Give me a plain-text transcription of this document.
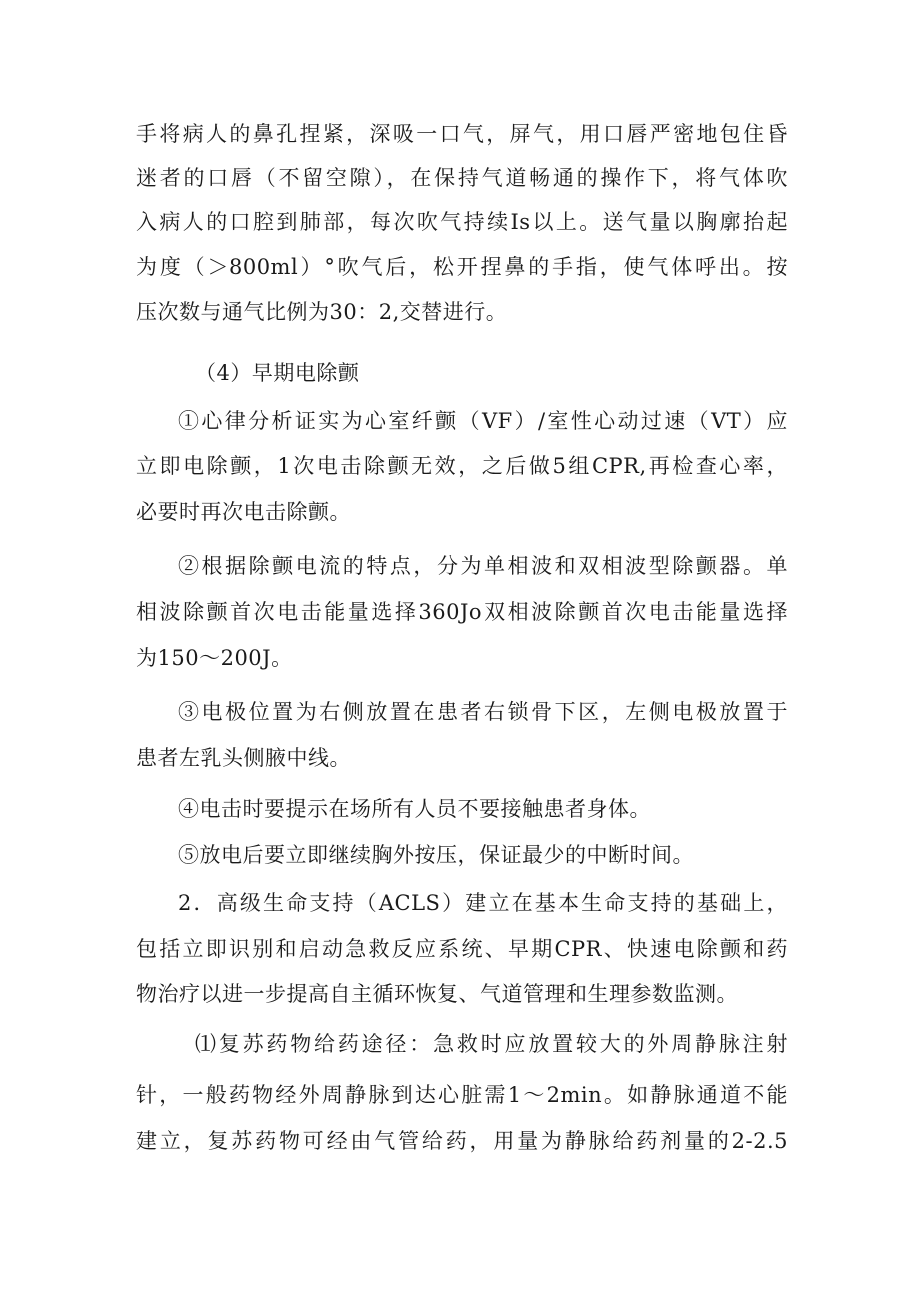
手将病人的鼻孔捏紧，深吸一口气，屏气，用口唇严密地包住昏
迷者的口唇（不留空隙），在保持气道畅通的操作下，将气体吹
入病人的口腔到肺部，每次吹气持续Is以上。送气量以胸廓抬起
为度（＞800ml）°吹气后，松开捏鼻的手指，使气体呼出。按
压次数与通气比例为30：2,交替进行。
（4）早期电除颤
①心律分析证实为心室纤颤（VF）/室性心动过速（VT）应
立即电除颤，1次电击除颤无效，之后做5组CPR,再检查心率，
必要时再次电击除颤。
②根据除颤电流的特点，分为单相波和双相波型除颤器。单
相波除颤首次电击能量选择360Jo双相波除颤首次电击能量选择
为150〜200J。
③电极位置为右侧放置在患者右锁骨下区，左侧电极放置于
患者左乳头侧腋中线。
④电击时要提示在场所有人员不要接触患者身体。
⑤放电后要立即继续胸外按压，保证最少的中断时间。
2．高级生命支持（ACLS）建立在基本生命支持的基础上，
包括立即识别和启动急救反应系统、早期CPR、快速电除颤和药
物治疗以进一步提高自主循环恢复、气道管理和生理参数监测。
⑴复苏药物给药途径：急救时应放置较大的外周静脉注射
针，一般药物经外周静脉到达心脏需1〜2min。如静脉通道不能
建立，复苏药物可经由气管给药，用量为静脉给药剂量的2-2.5
